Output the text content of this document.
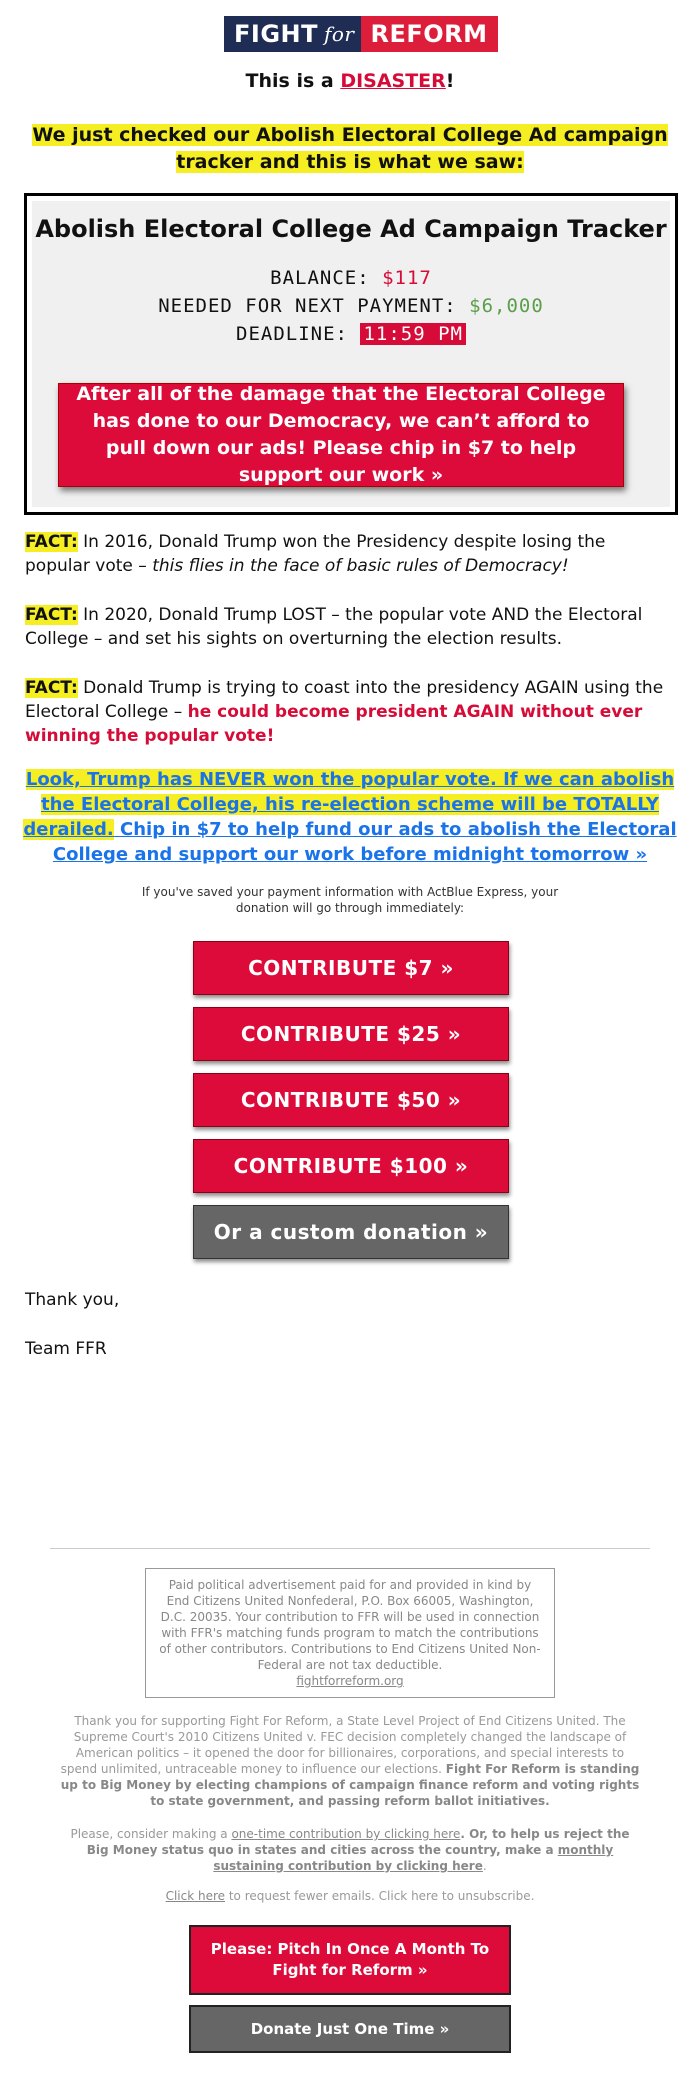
FIGHT for REFORM
This is a DISASTER!
We just checked our Abolish Electoral College Ad campaign tracker and this is what we saw:
Abolish Electoral College Ad Campaign Tracker
BALANCE: $117
NEEDED FOR NEXT PAYMENT: $6,000
DEADLINE: 11:59 PM
After all of the damage that the Electoral College has done to our Democracy, we can’t afford to pull down our ads! Please chip in $7 to help support our work »
FACT: In 2016, Donald Trump won the Presidency despite losing the popular vote – this flies in the face of basic rules of Democracy!
FACT: In 2020, Donald Trump LOST – the popular vote AND the Electoral College – and set his sights on overturning the election results.
FACT: Donald Trump is trying to coast into the presidency AGAIN using the Electoral College – he could become president AGAIN without ever winning the popular vote!
Look, Trump has NEVER won the popular vote. If we can abolish the Electoral College, his re-election scheme will be TOTALLY derailed. Chip in $7 to help fund our ads to abolish the Electoral College and support our work before midnight tomorrow »
If you've saved your payment information with ActBlue Express, your donation will go through immediately:
CONTRIBUTE $7 »
CONTRIBUTE $25 »
CONTRIBUTE $50 »
CONTRIBUTE $100 »
Or a custom donation »
Thank you,
Team FFR
Paid political advertisement paid for and provided in kind by End Citizens United Nonfederal, P.O. Box 66005, Washington, D.C. 20035. Your contribution to FFR will be used in connection with FFR's matching funds program to match the contributions of other contributors. Contributions to End Citizens United Non-Federal are not tax deductible.
fightforreform.org
Thank you for supporting Fight For Reform, a State Level Project of End Citizens United. The Supreme Court's 2010 Citizens United v. FEC decision completely changed the landscape of American politics – it opened the door for billionaires, corporations, and special interests to spend unlimited, untraceable money to influence our elections. Fight For Reform is standing up to Big Money by electing champions of campaign finance reform and voting rights to state government, and passing reform ballot initiatives.
Please, consider making a one-time contribution by clicking here. Or, to help us reject the Big Money status quo in states and cities across the country, make a monthly sustaining contribution by clicking here.
Click here to request fewer emails. Click here to unsubscribe.
Please: Pitch In Once A Month To Fight for Reform »
Donate Just One Time »
